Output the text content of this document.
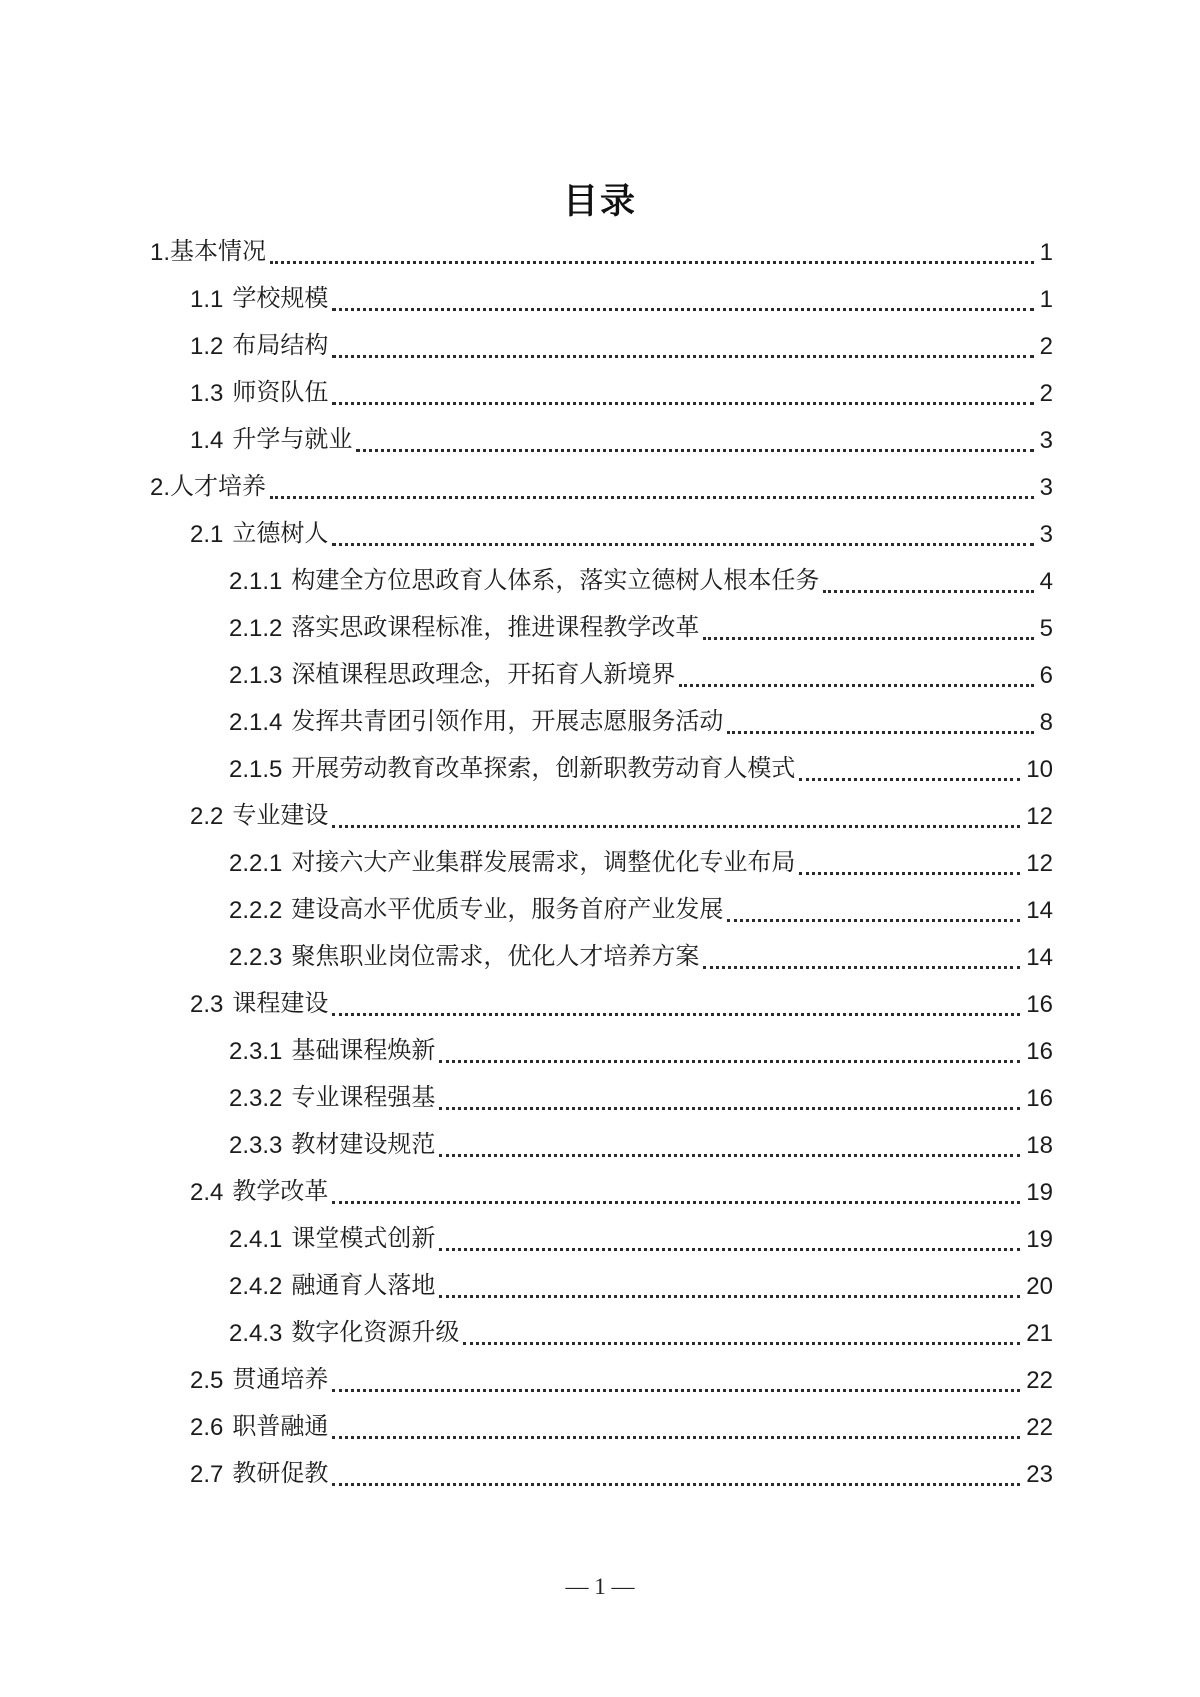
目录
1. 基本情况	1
1.1 学校规模	1
1.2 布局结构	2
1.3 师资队伍	2
1.4 升学与就业	3
2. 人才培养	3
2.1 立德树人	3
2.1.1 构建全方位思政育人体系，落实立德树人根本任务	4
2.1.2 落实思政课程标准，推进课程教学改革	5
2.1.3 深植课程思政理念，开拓育人新境界	6
2.1.4 发挥共青团引领作用，开展志愿服务活动	8
2.1.5 开展劳动教育改革探索，创新职教劳动育人模式	10
2.2 专业建设	12
2.2.1 对接六大产业集群发展需求，调整优化专业布局	12
2.2.2 建设高水平优质专业，服务首府产业发展	14
2.2.3 聚焦职业岗位需求，优化人才培养方案	14
2.3 课程建设	16
2.3.1 基础课程焕新	16
2.3.2 专业课程强基	16
2.3.3 教材建设规范	18
2.4 教学改革	19
2.4.1 课堂模式创新	19
2.4.2 融通育人落地	20
2.4.3 数字化资源升级	21
2.5 贯通培养	22
2.6 职普融通	22
2.7 教研促教	23
— 1 —
